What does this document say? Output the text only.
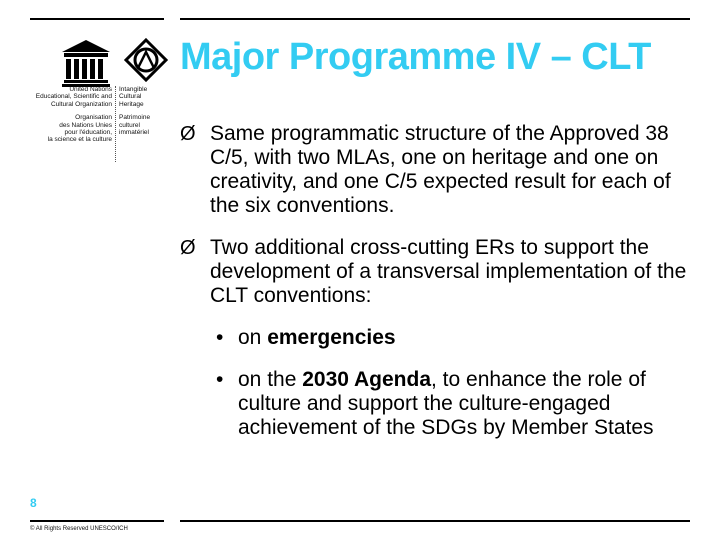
United Nations
Educational, Scientific and
Cultural Organization
Organisation
des Nations Unies
pour l'éducation,
la science et la culture
Intangible
Cultural
Heritage
Patrimoine
culturel
immatériel
Major Programme IV – CLT

Ø Same programmatic structure of the Approved 38 C/5, with two MLAs, one on heritage and one on creativity, and one C/5 expected result for each of the six conventions.

Ø Two additional cross-cutting ERs to support the development of a transversal implementation of the CLT conventions:

• on emergencies
• on the 2030 Agenda, to enhance the role of culture and support the culture-engaged achievement of the SDGs by Member States
8
© All Rights Reserved UNESCO/ICH
